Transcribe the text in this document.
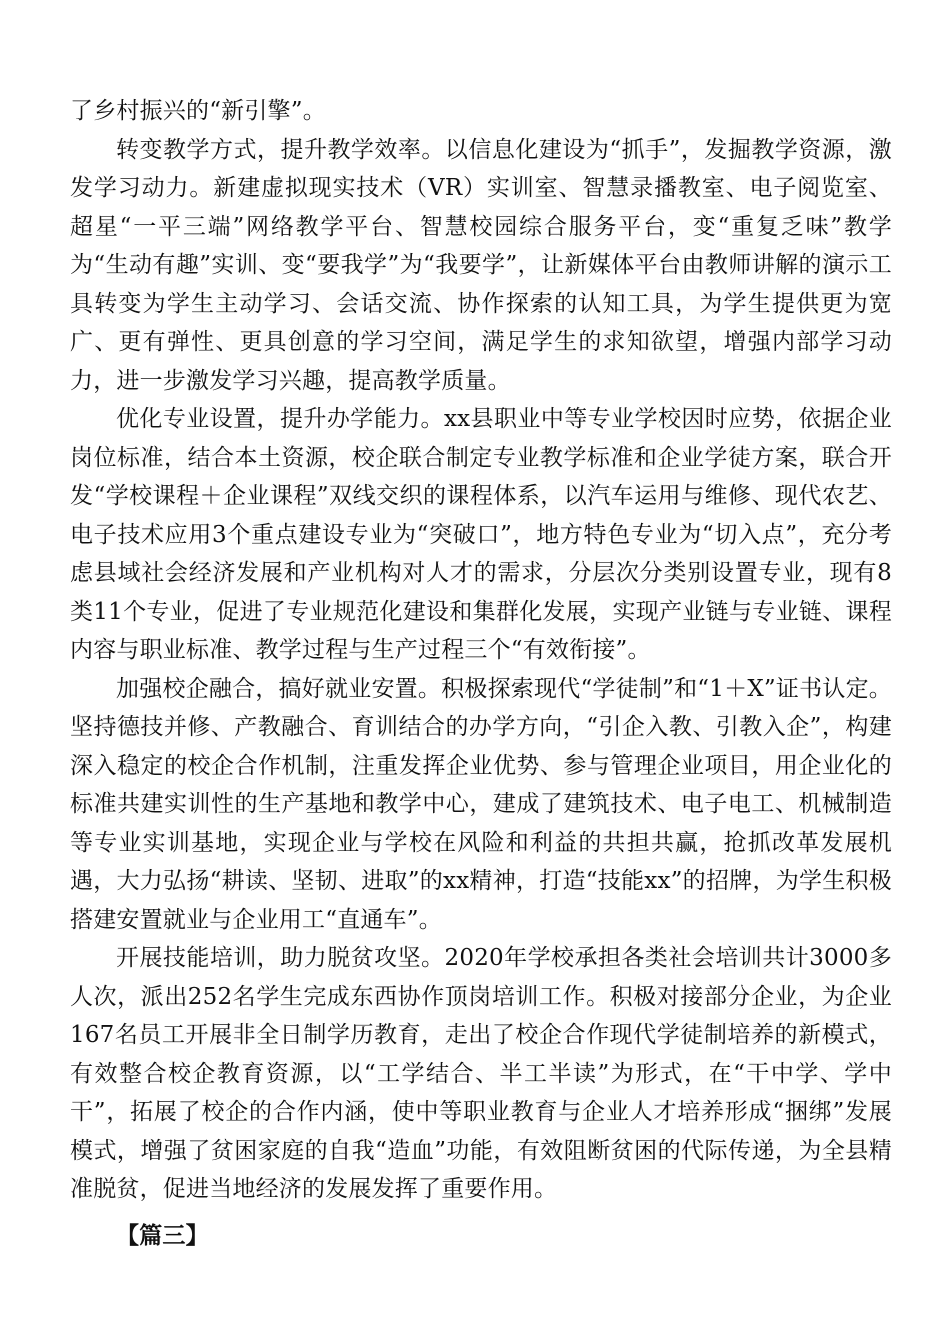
了乡村振兴的“新引擎”。

转变教学方式，提升教学效率。以信息化建设为“抓手”，发掘教学资源，激发学习动力。新建虚拟现实技术（VR）实训室、智慧录播教室、电子阅览室、超星“一平三端”网络教学平台、智慧校园综合服务平台，变“重复乏味”教学为“生动有趣”实训、变“要我学”为“我要学”，让新媒体平台由教师讲解的演示工具转变为学生主动学习、会话交流、协作探索的认知工具，为学生提供更为宽广、更有弹性、更具创意的学习空间，满足学生的求知欲望，增强内部学习动力，进一步激发学习兴趣，提高教学质量。

优化专业设置，提升办学能力。xx县职业中等专业学校因时应势，依据企业岗位标准，结合本土资源，校企联合制定专业教学标准和企业学徒方案，联合开发“学校课程＋企业课程”双线交织的课程体系，以汽车运用与维修、现代农艺、电子技术应用3个重点建设专业为“突破口”，地方特色专业为“切入点”，充分考虑县域社会经济发展和产业机构对人才的需求，分层次分类别设置专业，现有8类11个专业，促进了专业规范化建设和集群化发展，实现产业链与专业链、课程内容与职业标准、教学过程与生产过程三个“有效衔接”。

加强校企融合，搞好就业安置。积极探索现代“学徒制”和“1＋X”证书认定。坚持德技并修、产教融合、育训结合的办学方向，“引企入教、引教入企”，构建深入稳定的校企合作机制，注重发挥企业优势、参与管理企业项目，用企业化的标准共建实训性的生产基地和教学中心，建成了建筑技术、电子电工、机械制造等专业实训基地，实现企业与学校在风险和利益的共担共赢，抢抓改革发展机遇，大力弘扬“耕读、坚韧、进取”的xx精神，打造“技能xx”的招牌，为学生积极搭建安置就业与企业用工“直通车”。

开展技能培训，助力脱贫攻坚。2020年学校承担各类社会培训共计3000多人次，派出252名学生完成东西协作顶岗培训工作。积极对接部分企业，为企业167名员工开展非全日制学历教育，走出了校企合作现代学徒制培养的新模式，有效整合校企教育资源，以“工学结合、半工半读”为形式，在“干中学、学中干”，拓展了校企的合作内涵，使中等职业教育与企业人才培养形成“捆绑”发展模式，增强了贫困家庭的自我“造血”功能，有效阻断贫困的代际传递，为全县精准脱贫，促进当地经济的发展发挥了重要作用。

【篇三】
